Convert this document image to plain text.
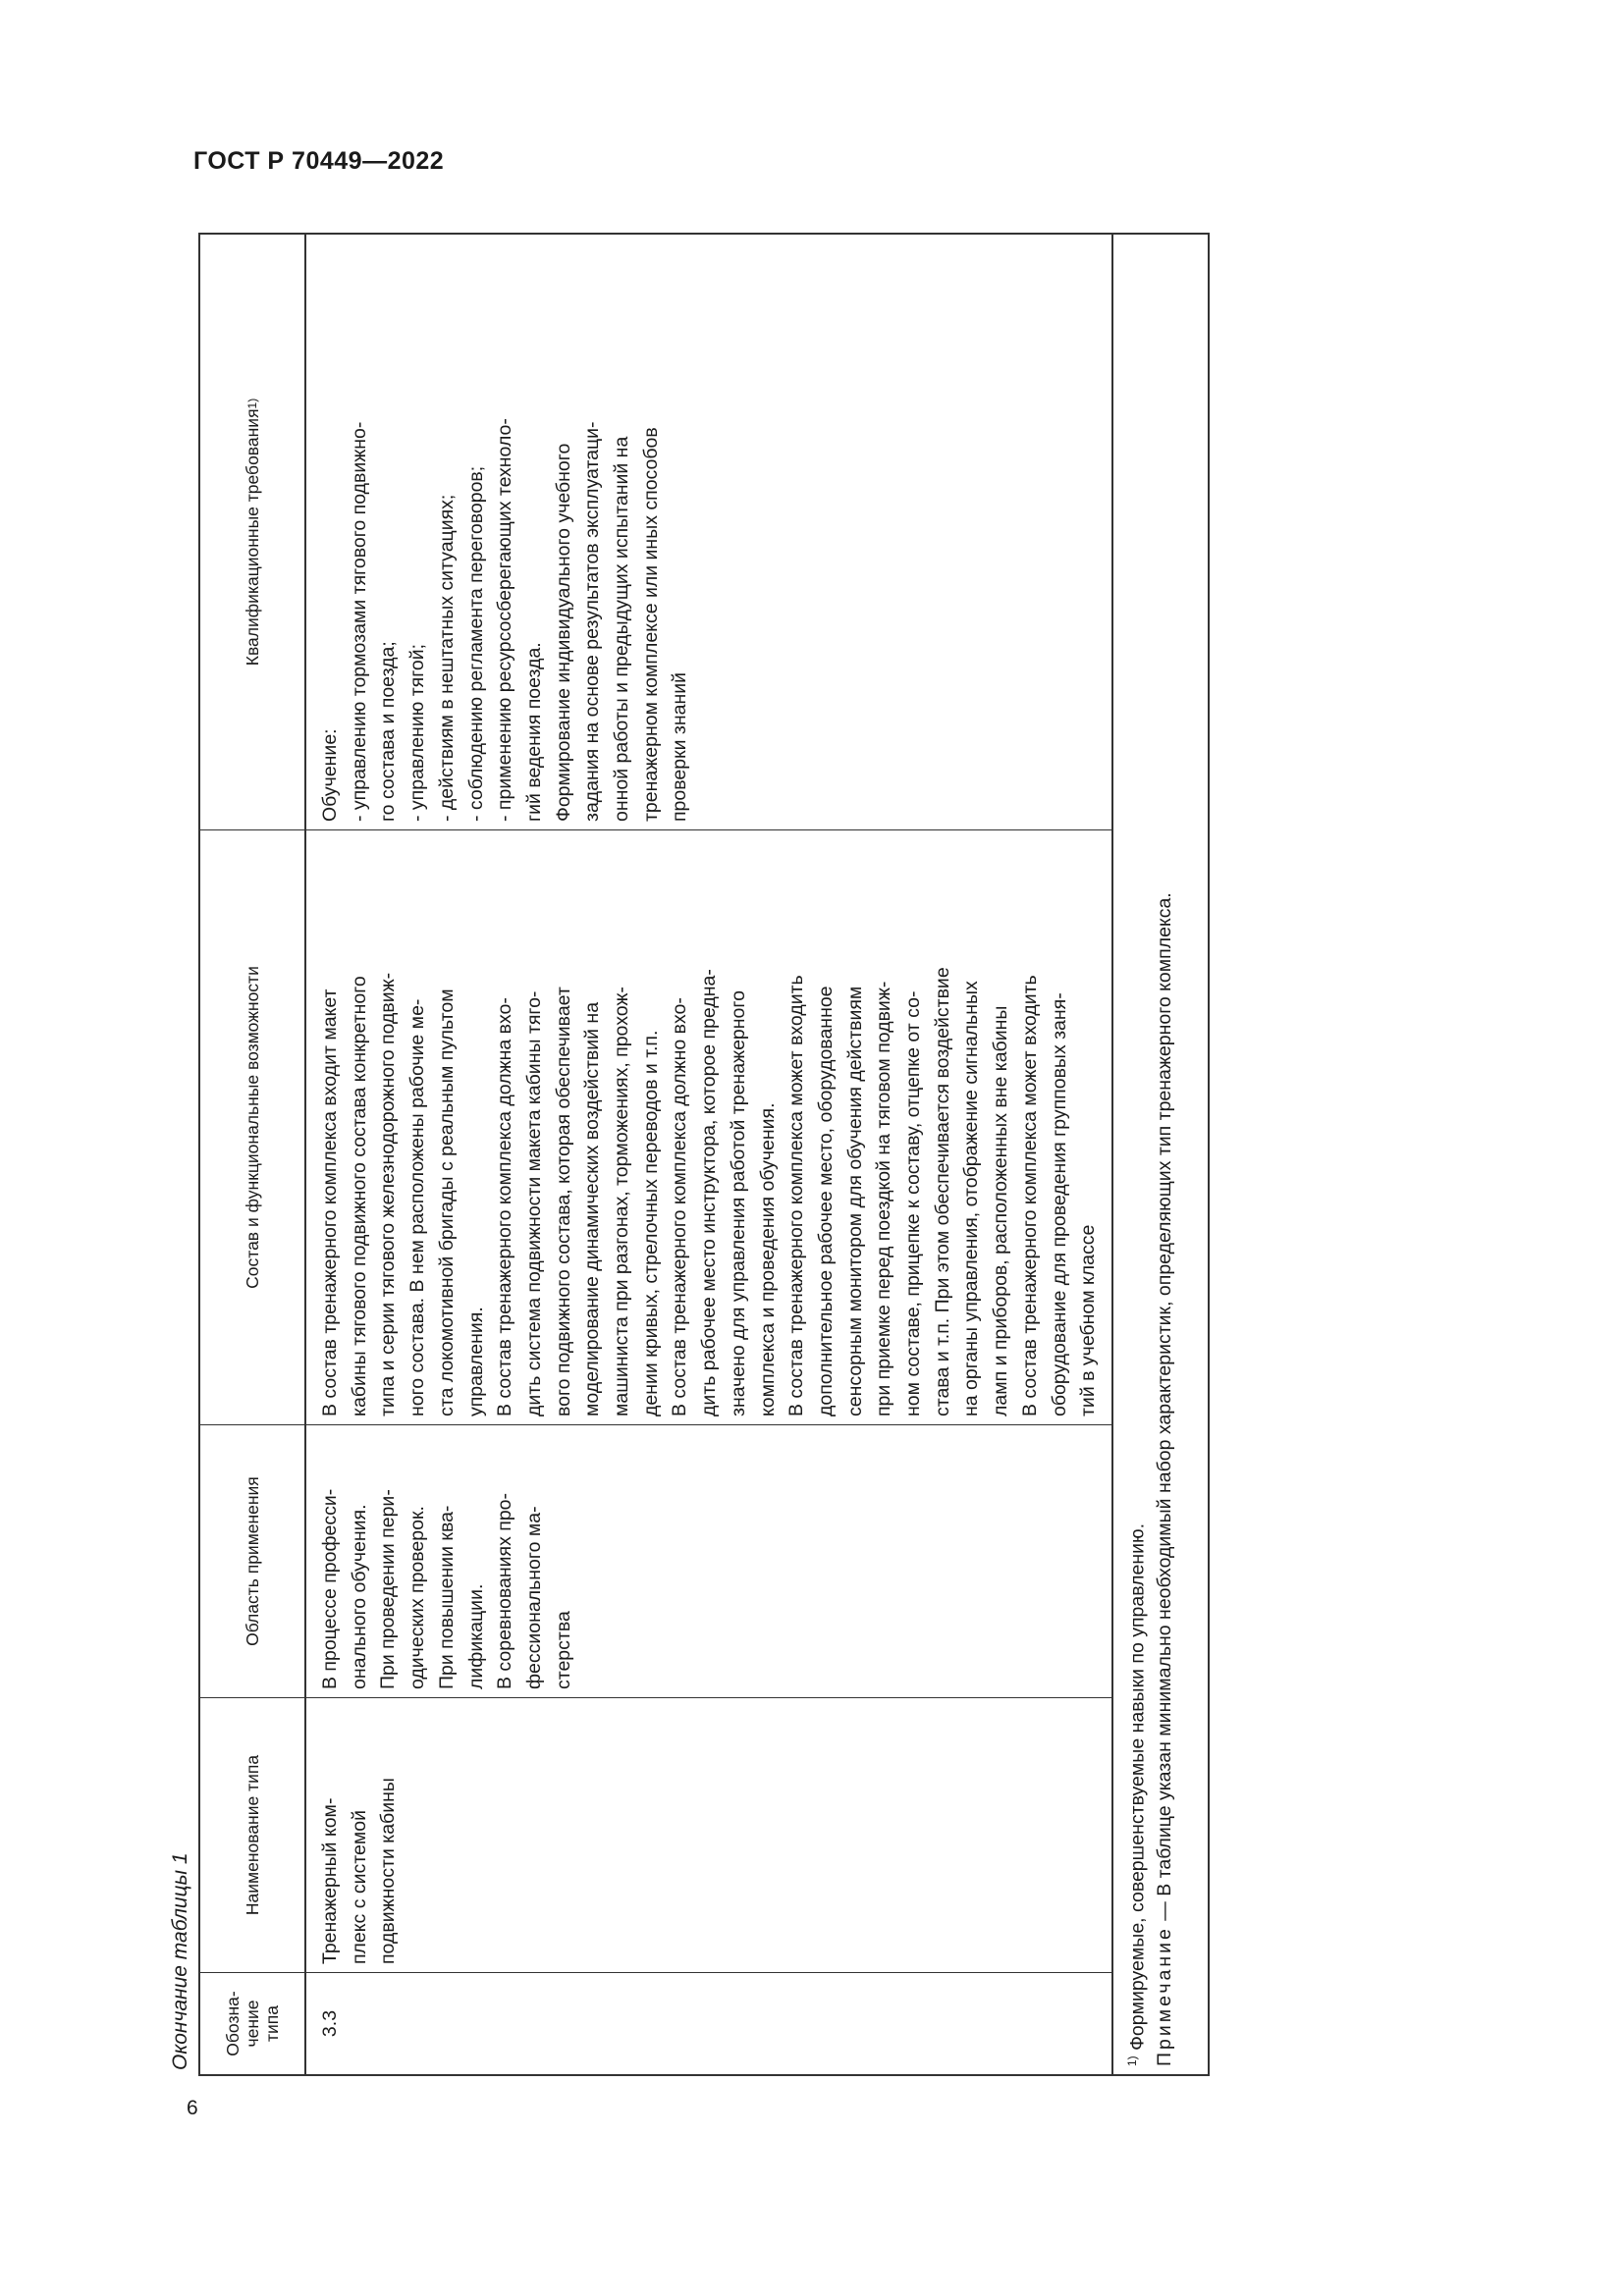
ГОСТ Р 70449—2022
6
Окончание таблицы 1 Обозна-
чение
типа
Наименование типа
Область применения
Состав и функциональные возможности
Квалификационные требования
1)
3.3
Тренажерный ком- плекс с системой подвижности кабины
В процессе професси- онального обучения. При проведении пери- одических проверок. При повышении ква- лификации. В соревнованиях про- фессионального ма- стерства
В состав тренажерного комплекса входит макет кабины тягового подвижного состава конкретного типа и серии тягового железнодорожного подвиж- ного состава. В нем расположены рабочие ме- ста локомотивной бригады с реальным пультом управления. В состав тренажерного комплекса должна вхо- дить система подвижности макета кабины тяго- вого подвижного состава, которая обеспечивает моделирование динамических воздействий на машиниста при разгонах, торможениях, прохож- дении кривых, стрелочных переводов и т.п. В состав тренажерного комплекса должно вхо- дить рабочее место инструктора, которое предна- значено для управления работой тренажерного комплекса и проведения обучения. В состав тренажерного комплекса может входить дополнительное рабочее место, оборудованное сенсорным монитором для обучения действиям при приемке перед поездкой на тяговом подвиж- ном составе, прицепке к составу, отцепке от со- става и т.п. При этом обеспечивается воздействие на органы управления, отображение сигнальных ламп и приборов, расположенных вне кабины В состав тренажерного комплекса может входить оборудование для проведения групповых заня- тий в учебном классе
Обучение: - управлению тормозами тягового подвижно- го состава и поезда; - управлению тягой; - действиям в нештатных ситуациях; - соблюдению регламента переговоров; - применению ресурсосберегающих техноло- гий ведения поезда. Формирование индивидуального учебного задания на основе результатов эксплуатаци- онной работы и предыдущих испытаний на тренажерном комплексе или иных способов проверки знаний
$^{1)}$ Формируемые, совершенствуемые навыки по управлению. Примечание — В таблице указан минимально необходимый набор характеристик, определяющих тип тренажерного комплекса.
